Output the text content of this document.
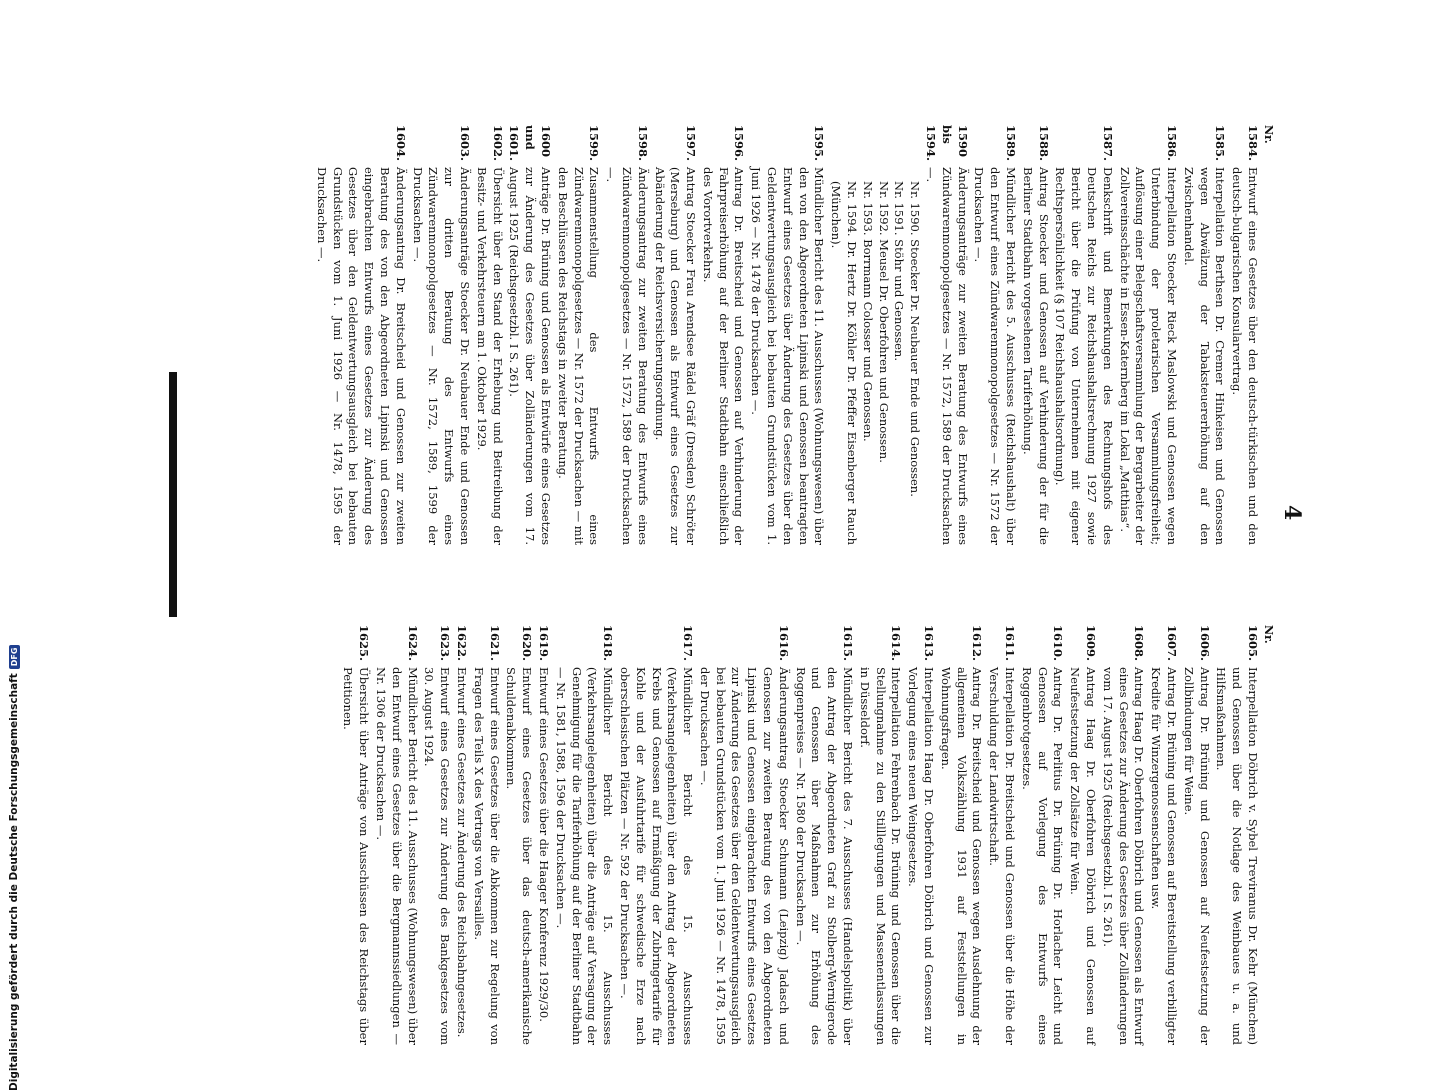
4
Nr.
1584.
Entwurf eines Gesetzes über den deutsch-türkischen und den deutsch-bulgarischen Konsularvertrag.
1585.
Interpellation Berthsen Dr. Cremer Hinkeisen und Genossen wegen Abwälzung der Tabaksteuererhöhung auf den Zwischenhandel.
1586.
Interpellation Stoecker Rieck Maslowski und Genossen wegen Unterbindung der proletarischen Versammlungsfreiheit; Auflösung einer Belegschaftsversammlung der Bergarbeiter der Zollvereinsschächte in Essen-Katernberg im Lokal „Matthias“.
1587.
Denkschrift und Bemerkungen des Rechnungshofs des Deutschen Reichs zur Reichshaushaltsrechnung 1927 sowie Bericht über die Prüfung von Unternehmen mit eigener Rechtspersönlichkeit (§ 107 Reichshaushaltsordnung).
1588.
Antrag Stoecker und Genossen auf Verhinderung der für die Berliner Stadtbahn vorgesehenen Tariferhöhung.
1589.
Mündlicher Bericht des 5. Ausschusses (Reichshaushalt) über den Entwurf eines Zündwarenmonopolgesetzes — Nr. 1572 der Drucksachen —.
1590 bis 1594.
Änderungsanträge zur zweiten Beratung des Entwurfs eines Zündwarenmonopolgesetzes — Nr. 1572, 1589 der Drucksachen —.
Nr. 1590. Stoecker Dr. Neubauer Ende und Genossen.
Nr. 1591. Stöhr und Genossen.
Nr. 1592. Meusel Dr. Oberfohren und Genossen.
Nr. 1593. Borrmann Colosser und Genossen.
Nr. 1594. Dr. Hertz Dr. Köhler Dr. Pfeffer Eisenberger Rauch (München).
1595.
Mündlicher Bericht des 11. Ausschusses (Wohnungswesen) über den von den Abgeordneten Lipinski und Genossen beantragten Entwurf eines Gesetzes über Änderung des Gesetzes über den Geldentwertungsausgleich bei bebauten Grundstücken vom 1. Juni 1926 — Nr. 1478 der Drucksachen —.
1596.
Antrag Dr. Breitscheid und Genossen auf Verhinderung der Fahrpreiserhöhung auf der Berliner Stadtbahn einschließlich des Vorortverkehrs.
1597.
Antrag Stoecker Frau Arendsee Rädel Gräf (Dresden) Schröter (Merseburg) und Genossen als Entwurf eines Gesetzes zur Abänderung der Reichsversicherungsordnung.
1598.
Änderungsantrag zur zweiten Beratung des Entwurfs eines Zündwarenmonopolgesetzes — Nr. 1572, 1589 der Drucksachen —.
1599.
Zusammenstellung des Entwurfs eines Zündwarenmonopolgesetzes — Nr. 1572 der Drucksachen — mit den Beschlüssen des Reichstags in zweiter Beratung.
1600 und 1601.
Anträge Dr. Brüning und Genossen als Entwürfe eines Gesetzes zur Änderung des Gesetzes über Zolländerungen vom 17. August 1925 (Reichsgesetzbl. I S. 261).
1602.
Übersicht über den Stand der Erhebung und Beitreibung der Besitz- und Verkehrsteuern am 1. Oktober 1929.
1603.
Änderungsanträge Stoecker Dr. Neubauer Ende und Genossen zur dritten Beratung des Entwurfs eines Zündwarenmonopolgesetzes — Nr. 1572, 1589, 1599 der Drucksachen —.
1604.
Änderungsantrag Dr. Breitscheid und Genossen zur zweiten Beratung des von den Abgeordneten Lipinski und Genossen eingebrachten Entwurfs eines Gesetzes zur Änderung des Gesetzes über den Geldentwertungsausgleich bei bebauten Grundstücken vom 1. Juni 1926 — Nr. 1478, 1595 der Drucksachen —.
Nr.
1605.
Interpellation Döbrich v. Sybel Treviranus Dr. Kehr (München) und Genossen über die Notlage des Weinbaues u. a. und Hilfsmaßnahmen.
1606.
Antrag Dr. Brüning und Genossen auf Neufestsetzung der Zollbindungen für Weine.
1607.
Antrag Dr. Brüning und Genossen auf Bereitstellung verbilligter Kredite für Winzergenossenschaften usw.
1608.
Antrag Haag Dr. Oberfohren Döbrich und Genossen als Entwurf eines Gesetzes zur Änderung des Gesetzes über Zolländerungen vom 17. August 1925 (Reichsgesetzbl. I S. 261).
1609.
Antrag Haag Dr. Oberfohren Döbrich und Genossen auf Neufestsetzung der Zollsätze für Wein.
1610.
Antrag Dr. Perlitius Dr. Brüning Dr. Horlacher Leicht und Genossen auf Vorlegung des Entwurfs eines Roggenbrotgesetzes.
1611.
Interpellation Dr. Breitscheid und Genossen über die Höhe der Verschuldung der Landwirtschaft.
1612.
Antrag Dr. Breitscheid und Genossen wegen Ausdehnung der allgemeinen Volkszählung 1931 auf Feststellungen in Wohnungsfragen.
1613.
Interpellation Haag Dr. Oberfohren Döbrich und Genossen zur Vorlegung eines neuen Weingesetzes.
1614.
Interpellation Fehrenbach Dr. Brüning und Genossen über die Stellungnahme zu den Stilllegungen und Massenentlassungen in Düsseldorf.
1615.
Mündlicher Bericht des 7. Ausschusses (Handelspolitik) über den Antrag der Abgeordneten Graf zu Stolberg-Wernigerode und Genossen über Maßnahmen zur Erhöhung des Roggenpreises — Nr. 1580 der Drucksachen —.
1616.
Änderungsantrag Stoecker Schumann (Leipzig) Jadasch und Genossen zur zweiten Beratung des von den Abgeordneten Lipinski und Genossen eingebrachten Entwurfs eines Gesetzes zur Änderung des Gesetzes über den Geldentwertungsausgleich bei bebauten Grundstücken vom 1. Juni 1926 — Nr. 1478, 1595 der Drucksachen —.
1617.
Mündlicher Bericht des 15. Ausschusses (Verkehrsangelegenheiten) über den Antrag der Abgeordneten Krebs und Genossen auf Ermäßigung der Zubringertarife für Kohle und der Ausfuhrtarife für schwedische Erze nach oberschlesischen Plätzen — Nr. 592 der Drucksachen —.
1618.
Mündlicher Bericht des 15. Ausschusses (Verkehrsangelegenheiten) über die Anträge auf Versagung der Genehmigung für die Tariferhöhung auf der Berliner Stadtbahn — Nr. 1581, 1588, 1596 der Drucksachen —.
1619.
Entwurf eines Gesetzes über die Haager Konferenz 1929/30.
1620.
Entwurf eines Gesetzes über das deutsch-amerikanische Schuldenabkommen.
1621.
Entwurf eines Gesetzes über die Abkommen zur Regelung von Fragen des Teils X des Vertrags von Versailles.
1622.
Entwurf eines Gesetzes zur Änderung des Reichsbahngesetzes.
1623.
Entwurf eines Gesetzes zur Änderung des Bankgesetzes vom 30. August 1924.
1624.
Mündlicher Bericht des 11. Ausschusses (Wohnungswesen) über den Entwurf eines Gesetzes über die Bergmannssiedlungen — Nr. 1306 der Drucksachen —.
1625.
Übersicht über Anträge von Ausschüssen des Reichstags über Petitionen.
Digitalisierung gefördert durch die Deutsche Forschungsgemeinschaft
DFG
